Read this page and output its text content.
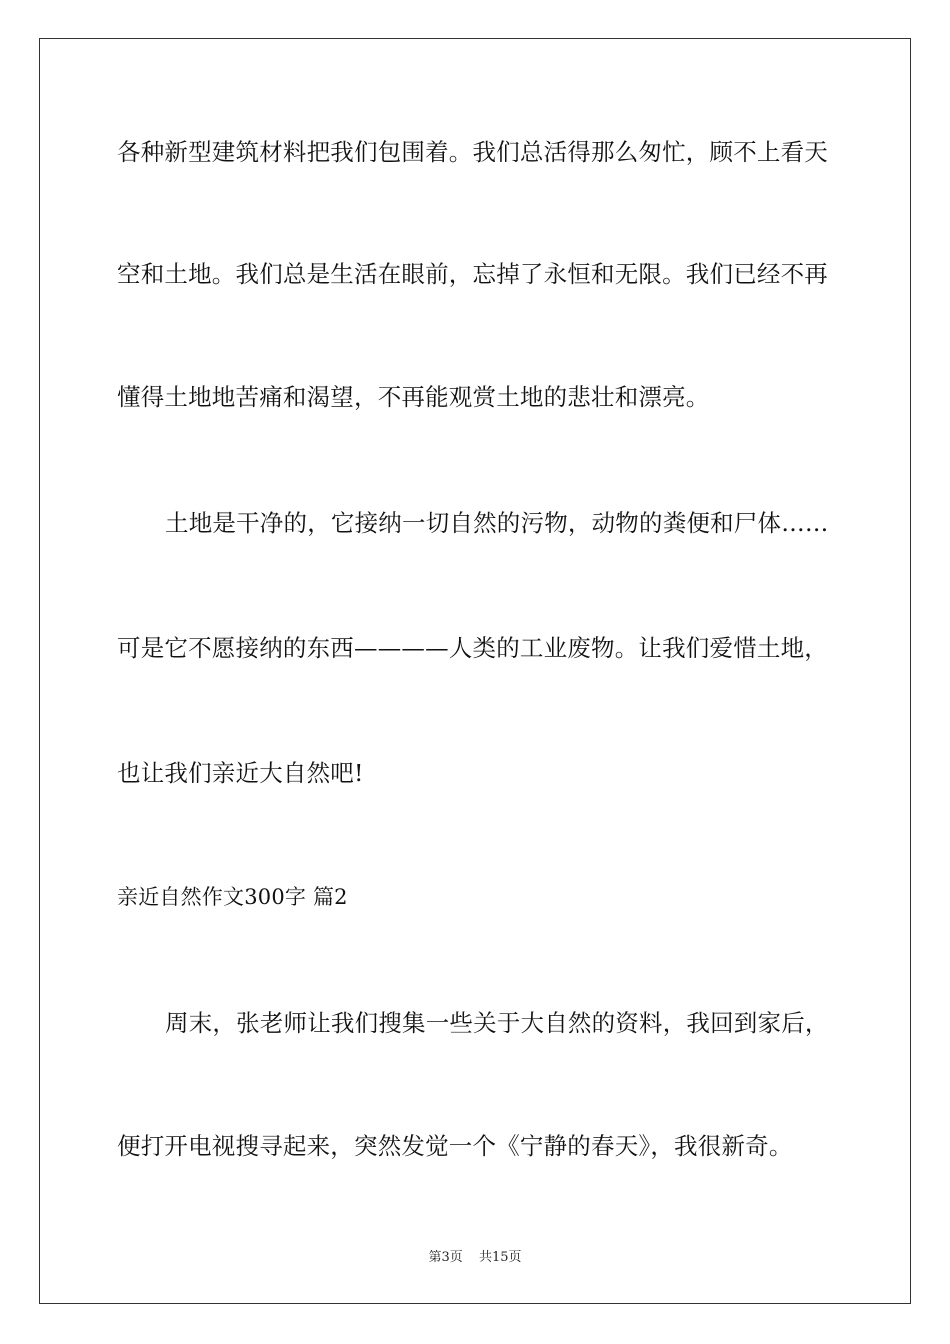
各种新型建筑材料把我们包围着。我们总活得那么匆忙，顾不上看天
空和土地。我们总是生活在眼前，忘掉了永恒和无限。我们已经不再
懂得土地地苦痛和渴望，不再能观赏土地的悲壮和漂亮。
土地是干净的，它接纳一切自然的污物，动物的粪便和尸体……
可是它不愿接纳的东西————人类的工业废物。让我们爱惜土地，
也让我们亲近大自然吧!
亲近自然作文300字 篇2
周末，张老师让我们搜集一些关于大自然的资料，我回到家后，
便打开电视搜寻起来，突然发觉一个《宁静的春天》，我很新奇。
第3页 共15页
